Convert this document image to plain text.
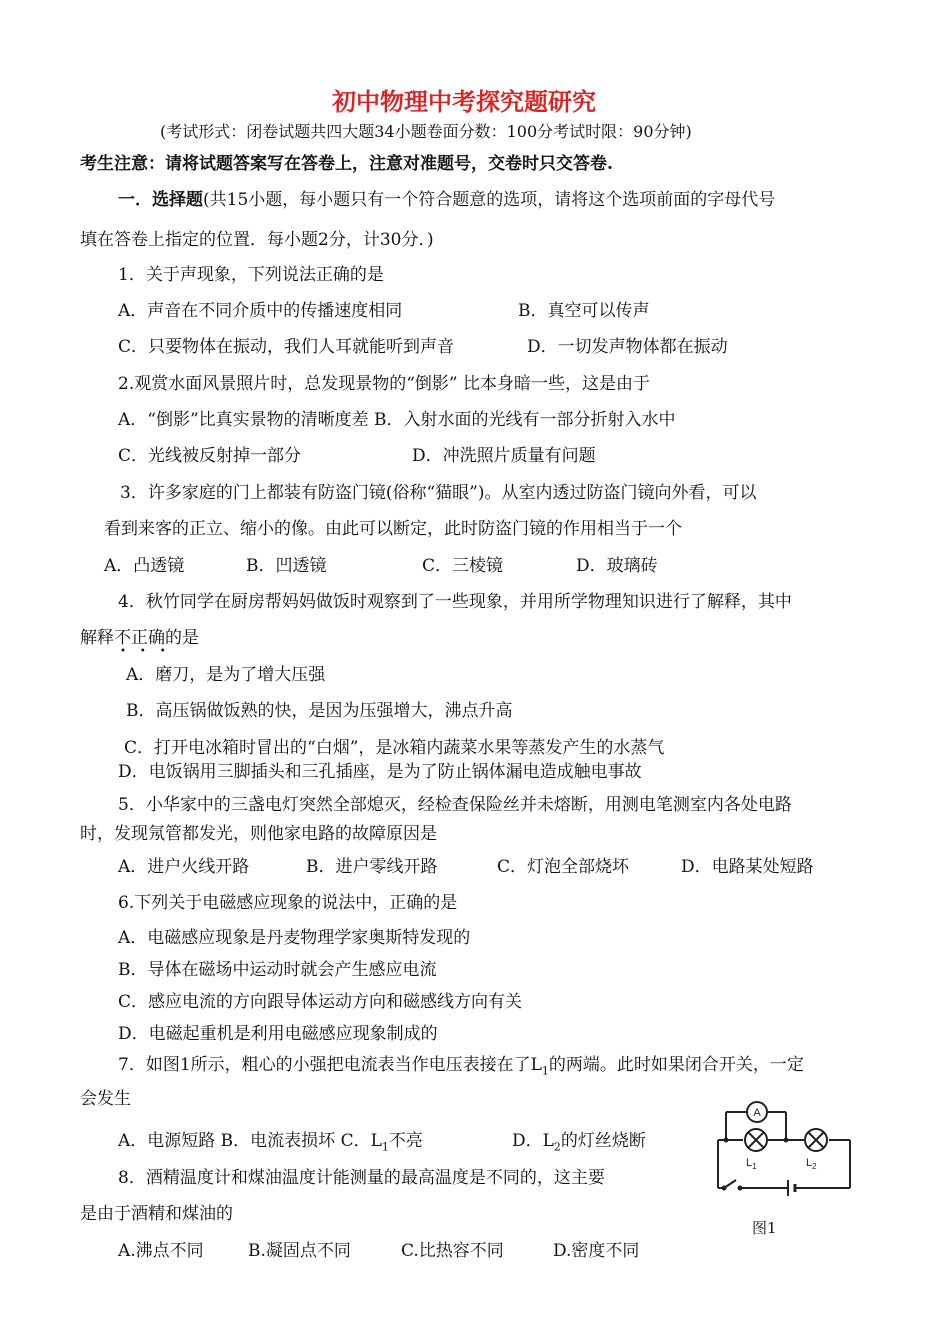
初中物理中考探究题研究
(考试形式：闭卷试题共四大题34小题卷面分数：100分考试时限：90分钟)
考生注意：请将试题答案写在答卷上，注意对准题号，交卷时只交答卷.
一．选择题(共15小题，每小题只有一个符合题意的选项，请将这个选项前面的字母代号
填在答卷上指定的位置．每小题2分，计30分．)
1．关于声现象，下列说法正确的是
A．声音在不同介质中的传播速度相同	B．真空可以传声
C．只要物体在振动，我们人耳就能听到声音	D．一切发声物体都在振动
2.观赏水面风景照片时，总发现景物的“倒影” 比本身暗一些，这是由于
A．“倒影”比真实景物的清晰度差 B．入射水面的光线有一部分折射入水中
C．光线被反射掉一部分	D．冲洗照片质量有问题
3．许多家庭的门上都装有防盗门镜(俗称“猫眼”)。从室内透过防盗门镜向外看，可以
看到来客的正立、缩小的像。由此可以断定，此时防盗门镜的作用相当于一个
A．凸透镜	B．凹透镜	C．三棱镜	D．玻璃砖
4．秋竹同学在厨房帮妈妈做饭时观察到了一些现象，并用所学物理知识进行了解释，其中
解释不正确的是
•••
A．磨刀，是为了增大压强
B．高压锅做饭熟的快，是因为压强增大，沸点升高
C．打开电冰箱时冒出的“白烟”，是冰箱内蔬菜水果等蒸发产生的水蒸气
D．电饭锅用三脚插头和三孔插座，是为了防止锅体漏电造成触电事故
5．小华家中的三盏电灯突然全部熄灭，经检查保险丝并未熔断，用测电笔测室内各处电路
时，发现氖管都发光，则他家电路的故障原因是
A．进户火线开路	B．进户零线开路	C．灯泡全部烧坏	D．电路某处短路
6.下列关于电磁感应现象的说法中，正确的是
A．电磁感应现象是丹麦物理学家奥斯特发现的
B．导体在磁场中运动时就会产生感应电流
C．感应电流的方向跟导体运动方向和磁感线方向有关
D．电磁起重机是利用电磁感应现象制成的
7．如图1所示，粗心的小强把电流表当作电压表接在了$L_1$的两端。此时如果闭合开关，一定
会发生
A．电源短路 B．电流表损坏 C．$L_1$不亮	D．$L_2$的灯丝烧断
8．酒精温度计和煤油温度计能测量的最高温度是不同的，这主要
是由于酒精和煤油的
A.沸点不同	B.凝固点不同	C.比热容不同	D.密度不同
A
$L_1$	$L_2$
图1
